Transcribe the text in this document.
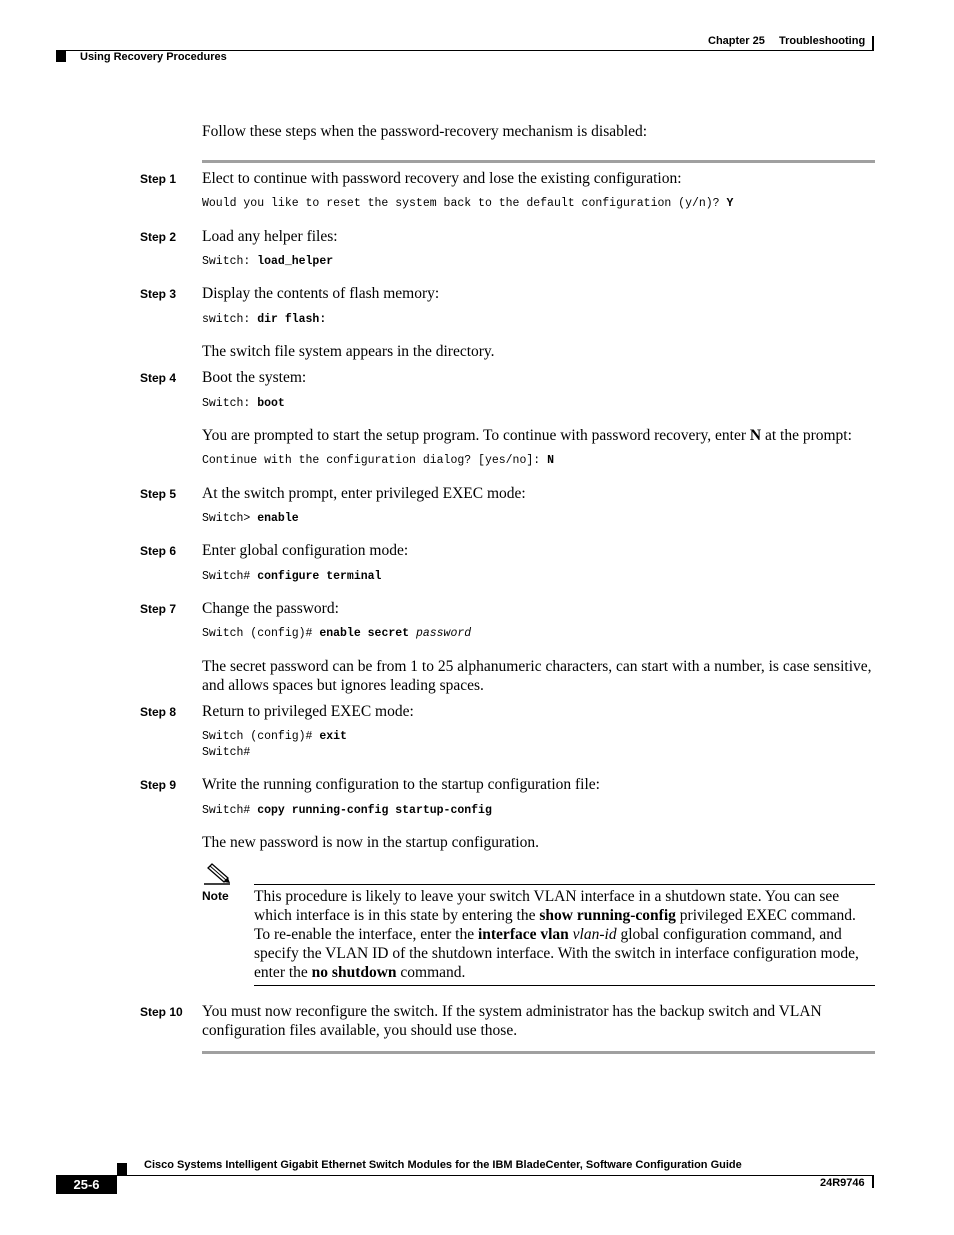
Chapter 25 Troubleshooting
Using Recovery Procedures
Follow these steps when the password-recovery mechanism is disabled:
Step 1 Elect to continue with password recovery and lose the existing configuration:
Would you like to reset the system back to the default configuration (y/n)? Y
Step 2 Load any helper files:
Switch: load_helper
Step 3 Display the contents of flash memory:
switch: dir flash:
The switch file system appears in the directory.
Step 4 Boot the system:
Switch: boot
You are prompted to start the setup program. To continue with password recovery, enter N at the prompt:
Continue with the configuration dialog? [yes/no]: N
Step 5 At the switch prompt, enter privileged EXEC mode:
Switch> enable
Step 6 Enter global configuration mode:
Switch# configure terminal
Step 7 Change the password:
Switch (config)# enable secret password
The secret password can be from 1 to 25 alphanumeric characters, can start with a number, is case sensitive, and allows spaces but ignores leading spaces.
Step 8 Return to privileged EXEC mode:
Switch (config)# exit
Switch#
Step 9 Write the running configuration to the startup configuration file:
Switch# copy running-config startup-config
The new password is now in the startup configuration.
Note This procedure is likely to leave your switch VLAN interface in a shutdown state. You can see which interface is in this state by entering the show running-config privileged EXEC command. To re-enable the interface, enter the interface vlan vlan-id global configuration command, and specify the VLAN ID of the shutdown interface. With the switch in interface configuration mode, enter the no shutdown command.
Step 10 You must now reconfigure the switch. If the system administrator has the backup switch and VLAN configuration files available, you should use those.
Cisco Systems Intelligent Gigabit Ethernet Switch Modules for the IBM BladeCenter, Software Configuration Guide
25-6	24R9746
